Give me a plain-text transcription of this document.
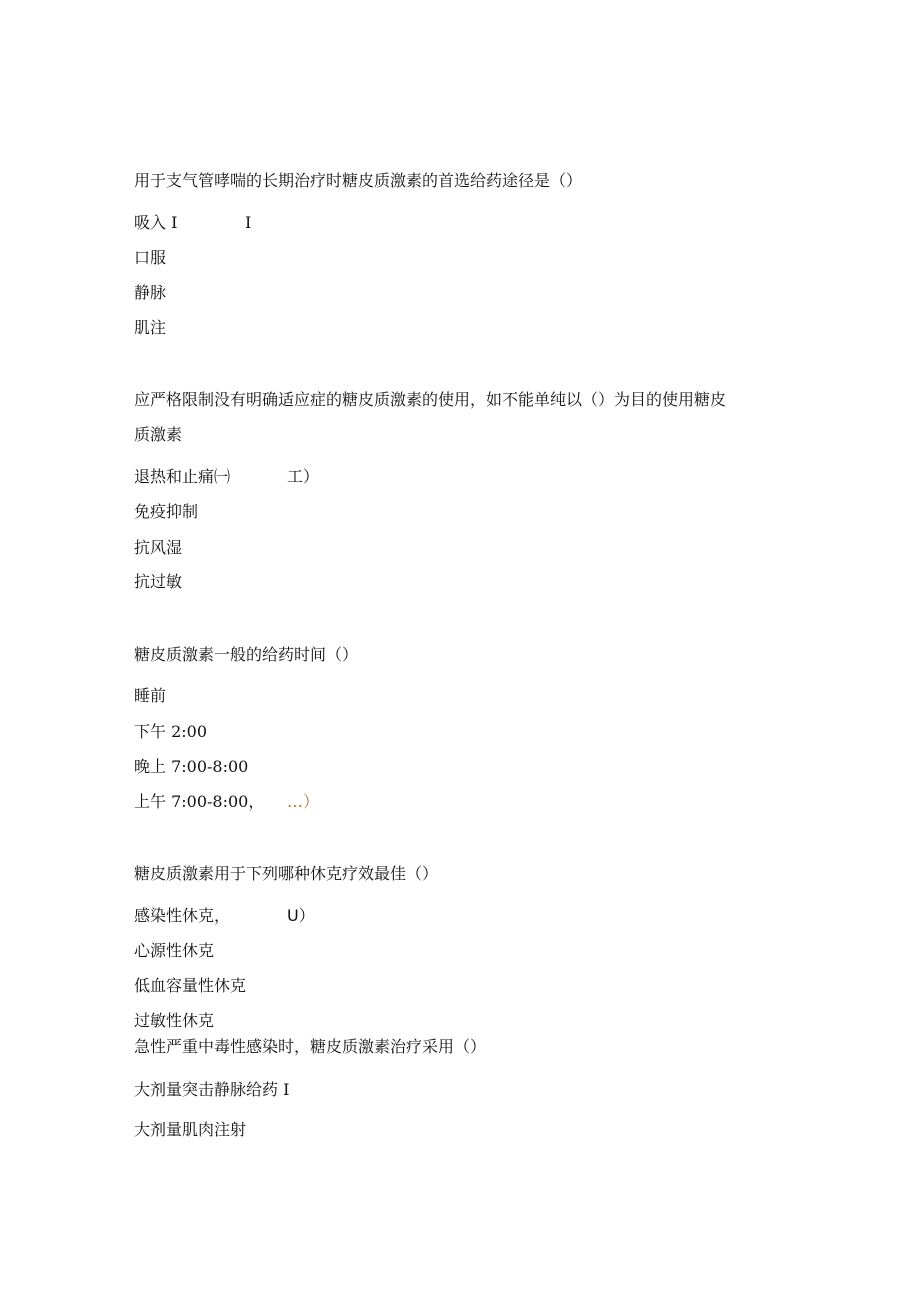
用于支气管哮喘的长期治疗时糖皮质激素的首选给药途径是（）
吸入 I	I
口服
静脉
肌注
应严格限制没有明确适应症的糖皮质激素的使用，如不能单纯以（）为目的使用糖皮
质激素
退热和止痛㈠	工）
免疫抑制
抗风湿
抗过敏
糖皮质激素一般的给药时间（）
睡前
下午 2:00
晚上 7:00-8:00
上午 7:00-8:00， …）
糖皮质激素用于下列哪种休克疗效最佳（）
感染性休克，	U）
心源性休克
低血容量性休克
过敏性休克
急性严重中毒性感染时，糖皮质激素治疗采用（）
大剂量突击静脉给药 I
大剂量肌肉注射
